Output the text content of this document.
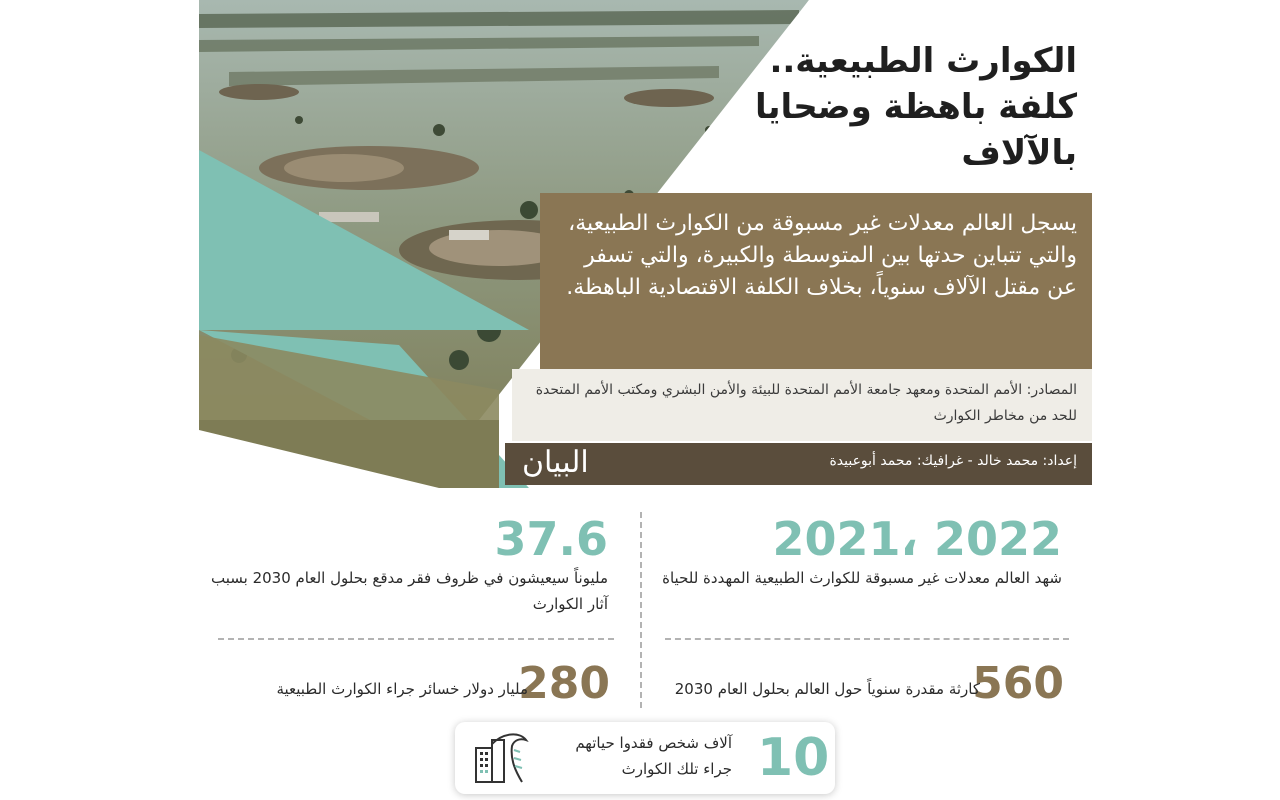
الكوارث الطبيعية..
كلفة باهظة وضحايا
بالآلاف
يسجل العالم معدلات غير مسبوقة من الكوارث الطبيعية، والتي تتباين حدتها بين المتوسطة والكبيرة، والتي تسفر عن مقتل الآلاف سنوياً، بخلاف الكلفة الاقتصادية الباهظة.
المصادر: الأمم المتحدة ومعهد جامعة الأمم المتحدة للبيئة والأمن البشري ومكتب الأمم المتحدة للحد من مخاطر الكوارث
إعداد: محمد خالد - غرافيك: محمد أبوعبيدة
البيان
2021، 2022
شهد العالم معدلات غير مسبوقة للكوارث الطبيعية المهددة للحياة
37.6
مليوناً سيعيشون في ظروف فقر مدقع بحلول العام 2030 بسبب آثار الكوارث
560
كارثة مقدرة سنوياً حول العالم بحلول العام 2030
280
مليار دولار خسائر جراء الكوارث الطبيعية
10
آلاف شخص فقدوا حياتهم
جراء تلك الكوارث
